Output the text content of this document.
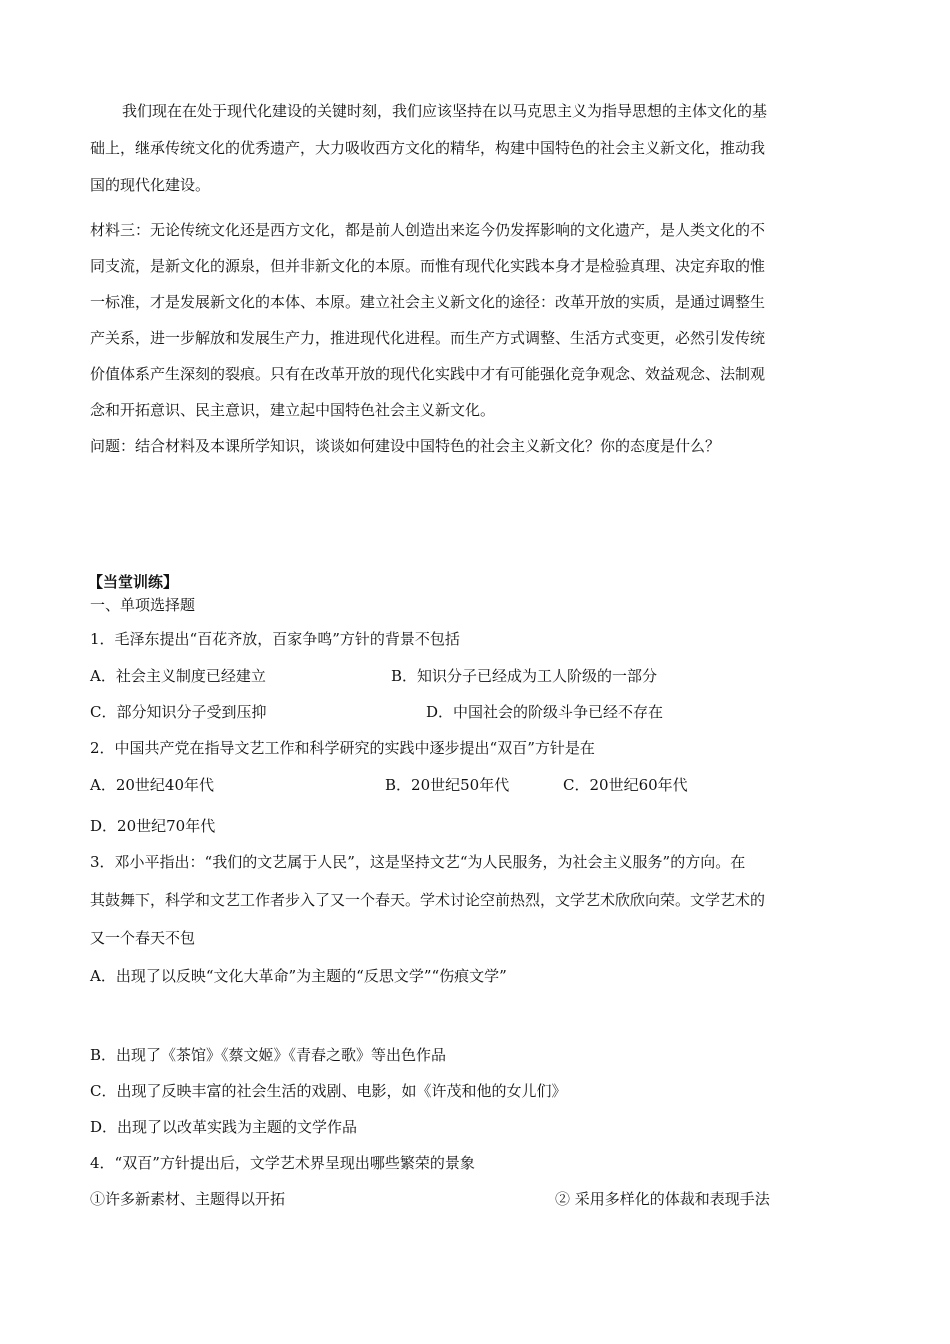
我们现在在处于现代化建设的关键时刻，我们应该坚持在以马克思主义为指导思想的主体文化的基
础上，继承传统文化的优秀遗产，大力吸收西方文化的精华，构建中国特色的社会主义新文化，推动我
国的现代化建设。
材料三：无论传统文化还是西方文化，都是前人创造出来迄今仍发挥影响的文化遗产，是人类文化的不
同支流，是新文化的源泉，但并非新文化的本原。而惟有现代化实践本身才是检验真理、决定弃取的惟
一标准，才是发展新文化的本体、本原。建立社会主义新文化的途径：改革开放的实质，是通过调整生
产关系，进一步解放和发展生产力，推进现代化进程。而生产方式调整、生活方式变更，必然引发传统
价值体系产生深刻的裂痕。只有在改革开放的现代化实践中才有可能强化竞争观念、效益观念、法制观
念和开拓意识、民主意识，建立起中国特色社会主义新文化。
问题：结合材料及本课所学知识，谈谈如何建设中国特色的社会主义新文化？你的态度是什么？
【当堂训练】
一、单项选择题
1．毛泽东提出“百花齐放，百家争鸣”方针的背景不包括
A．社会主义制度已经建立	B．知识分子已经成为工人阶级的一部分
C．部分知识分子受到压抑	D．中国社会的阶级斗争已经不存在
2．中国共产党在指导文艺工作和科学研究的实践中逐步提出“双百”方针是在
A．20世纪40年代	B．20世纪50年代	C．20世纪60年代
D．20世纪70年代
3．邓小平指出：“我们的文艺属于人民”，这是坚持文艺“为人民服务，为社会主义服务”的方向。在
其鼓舞下，科学和文艺工作者步入了又一个春天。学术讨论空前热烈，文学艺术欣欣向荣。文学艺术的
又一个春天不包
A．出现了以反映“文化大革命”为主题的“反思文学”“伤痕文学”
B．出现了《茶馆》《蔡文姬》《青春之歌》等出色作品
C．出现了反映丰富的社会生活的戏剧、电影，如《许茂和他的女儿们》
D．出现了以改革实践为主题的文学作品
4．“双百”方针提出后，文学艺术界呈现出哪些繁荣的景象
①许多新素材、主题得以开拓	② 采用多样化的体裁和表现手法
